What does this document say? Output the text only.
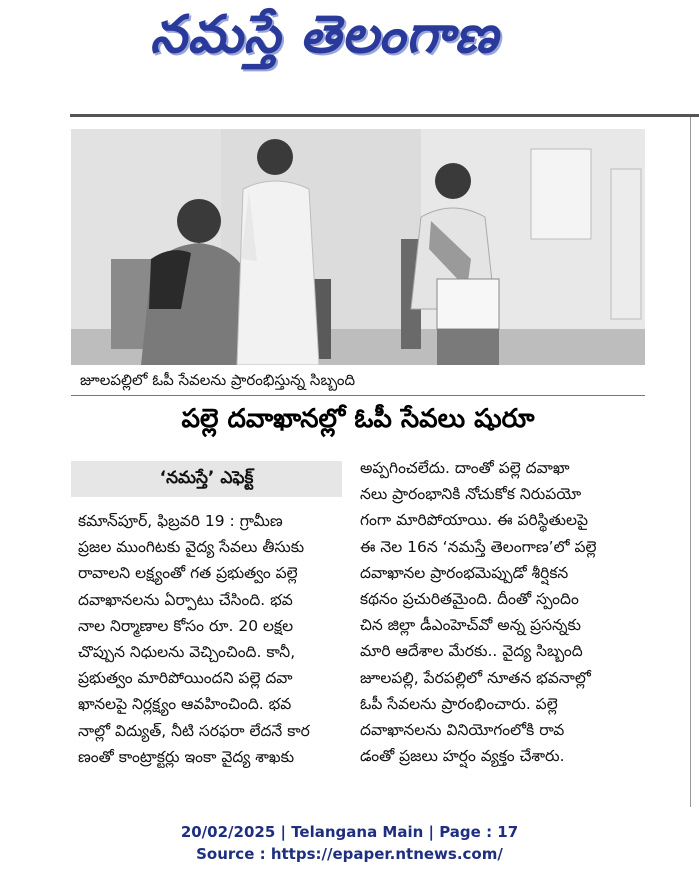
నమస్తే తెలంగాణ
జూలపల్లిలో ఓపీ సేవలను ప్రారంభిస్తున్న సిబ్బంది
పల్లె దవాఖానల్లో ఓపీ సేవలు షురూ
‘నమస్తే’ ఎఫెక్ట్
కమాన్‌పూర్, ఫిబ్రవరి 19 : గ్రామీణ
ప్రజల ముంగిటకు వైద్య సేవలు తీసుకు
రావాలని లక్ష్యంతో గత ప్రభుత్వం పల్లె
దవాఖానలను ఏర్పాటు చేసింది. భవ
నాల నిర్మాణాల కోసం రూ. 20 లక్షల
చొప్పున నిధులను వెచ్చించింది. కానీ,
ప్రభుత్వం మారిపోయిందని పల్లె దవా
ఖానలపై నిర్లక్ష్యం ఆవహించింది. భవ
నాల్లో విద్యుత్, నీటి సరఫరా లేదనే కార
ణంతో కాంట్రాక్టర్లు ఇంకా వైద్య శాఖకు
అప్పగించలేదు. దాంతో పల్లె దవాఖా
నలు ప్రారంభానికి నోచుకోక నిరుపయో
గంగా మారిపోయాయి. ఈ పరిస్థితులపై
ఈ నెల 16న ‘నమస్తే తెలంగాణ’లో పల్లె
దవాఖానల ప్రారంభమెప్పుడో శీర్షికన
కథనం ప్రచురితమైంది. దీంతో స్పందిం
చిన జిల్లా డీఎంహెచ్‌వో అన్న ప్రసన్నకు
మారి ఆదేశాల మేరకు.. వైద్య సిబ్బంది
జూలపల్లి, పేరపల్లిలో నూతన భవనాల్లో
ఓపీ సేవలను ప్రారంభించారు. పల్లె
దవాఖానలను వినియోగంలోకి రావ
డంతో ప్రజలు హర్షం వ్యక్తం చేశారు.
20/02/2025 | Telangana Main | Page : 17
Source : https://epaper.ntnews.com/
